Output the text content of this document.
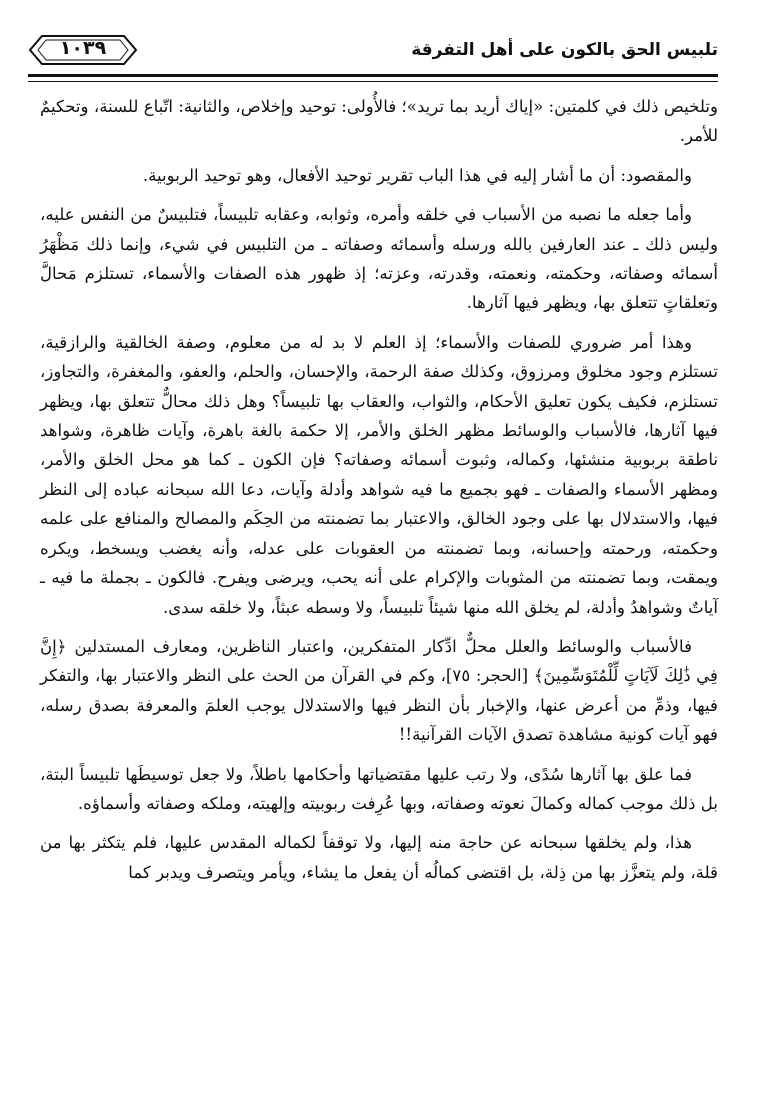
تلبيس الحق بالكون على أهل التفرقة
١٠٣٩

وتلخيص ذلك في كلمتين: «إياك أريد بما تريد»؛ فالأُولى: توحيد وإخلاص، والثانية: اتّباع للسنة، وتحكيمٌ للأمر.

والمقصود: أن ما أشار إليه في هذا الباب تقرير توحيد الأفعال، وهو توحيد الربوبية.

وأما جعله ما نصبه من الأسباب في خلقه وأمره، وثوابه، وعقابه تلبيساً، فتلبيسٌ من النفس عليه، وليس ذلك ـ عند العارفين بالله ورسله وأسمائه وصفاته ـ من التلبيس في شيء، وإنما ذلك مَظْهَرُ أسمائه وصفاته، وحكمته، ونعمته، وقدرته، وعزته؛ إذ ظهور هذه الصفات والأسماء، تستلزم مَحالَّ وتعلقاتٍ تتعلق بها، ويظهر فيها آثارها.

وهذا أمر ضروري للصفات والأسماء؛ إذ العلم لا بد له من معلوم، وصفة الخالقية والرازقية، تستلزم وجود مخلوق ومرزوق، وكذلك صفة الرحمة، والإحسان، والحلم، والعفو، والمغفرة، والتجاوز، تستلزم، فكيف يكون تعليق الأحكام، والثواب، والعقاب بها تلبيساً؟ وهل ذلك محالٌّ تتعلق بها، ويظهر فيها آثارها، فالأسباب والوسائط مظهر الخلق والأمر، إلا حكمة بالغة باهرة، وآيات ظاهرة، وشواهد ناطقة بربوبية منشئها، وكماله، وثبوت أسمائه وصفاته؟ فإن الكون ـ كما هو محل الخلق والأمر، ومظهر الأسماء والصفات ـ فهو بجميع ما فيه شواهد وأدلة وآيات، دعا الله سبحانه عباده إلى النظر فيها، والاستدلال بها على وجود الخالق، والاعتبار بما تضمنته من الحِكَم والمصالح والمنافع على علمه وحكمته، ورحمته وإحسانه، وبما تضمنته من العقوبات على عدله، وأنه يغضب ويسخط، ويكره ويمقت، وبما تضمنته من المثوبات والإكرام على أنه يحب، ويرضى ويفرح. فالكون ـ بجملة ما فيه ـ آياتٌ وشواهدُ وأدلة، لم يخلق الله منها شيئاً تلبيساً، ولا وسطه عبثاً، ولا خلقه سدى.

فالأسباب والوسائط والعلل محلٌّ ادِّكار المتفكرين، واعتبار الناظرين، ومعارف المستدلين ﴿إِنَّ فِي ذَٰلِكَ لَآيَاتٍ لِّلْمُتَوَسِّمِينَ﴾ [الحجر: ٧٥]، وكم في القرآن من الحث على النظر والاعتبار بها، والتفكر فيها، وذمِّ من أعرض عنها، والإخبار بأن النظر فيها والاستدلال يوجب العلمَ والمعرفة بصدق رسله، فهو آيات كونية مشاهدة تصدق الآيات القرآنية!!

فما علق بها آثارها سُدًى، ولا رتب عليها مقتضياتها وأحكامها باطلاً، ولا جعل توسيطَها تلبيساً البتة، بل ذلك موجب كماله وكمالَ نعوته وصفاته، وبها عُرِفت ربوبيته وإلهيته، وملكه وصفاته وأسماؤه.

هذا، ولم يخلقها سبحانه عن حاجة منه إليها، ولا توقفاً لكماله المقدس عليها، فلم يتكثر بها من قلة، ولم يتعزَّز بها من ذِلة، بل اقتضى كمالُه أن يفعل ما يشاء، ويأمر ويتصرف ويدبر كما
